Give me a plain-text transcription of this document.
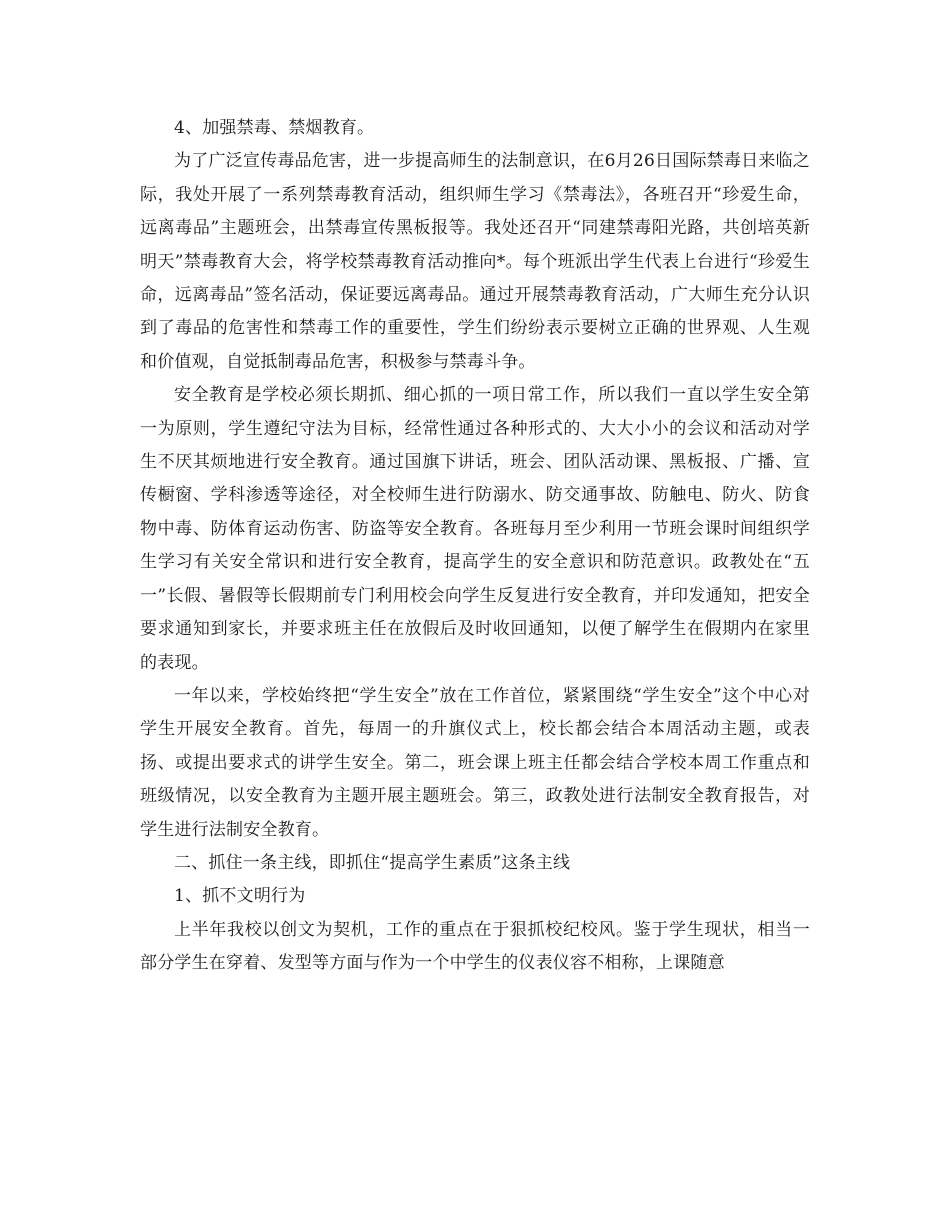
4、加强禁毒、禁烟教育。

为了广泛宣传毒品危害，进一步提高师生的法制意识，在6月26日国际禁毒日来临之际，我处开展了一系列禁毒教育活动，组织师生学习《禁毒法》，各班召开“珍爱生命，远离毒品”主题班会，出禁毒宣传黑板报等。我处还召开“同建禁毒阳光路，共创培英新明天”禁毒教育大会，将学校禁毒教育活动推向*。每个班派出学生代表上台进行“珍爱生命，远离毒品”签名活动，保证要远离毒品。通过开展禁毒教育活动，广大师生充分认识到了毒品的危害性和禁毒工作的重要性，学生们纷纷表示要树立正确的世界观、人生观和价值观，自觉抵制毒品危害，积极参与禁毒斗争。

安全教育是学校必须长期抓、细心抓的一项日常工作，所以我们一直以学生安全第一为原则，学生遵纪守法为目标，经常性通过各种形式的、大大小小的会议和活动对学生不厌其烦地进行安全教育。通过国旗下讲话，班会、团队活动课、黑板报、广播、宣传橱窗、学科渗透等途径，对全校师生进行防溺水、防交通事故、防触电、防火、防食物中毒、防体育运动伤害、防盗等安全教育。各班每月至少利用一节班会课时间组织学生学习有关安全常识和进行安全教育，提高学生的安全意识和防范意识。政教处在“五一”长假、暑假等长假期前专门利用校会向学生反复进行安全教育，并印发通知，把安全要求通知到家长，并要求班主任在放假后及时收回通知，以便了解学生在假期内在家里的表现。

一年以来，学校始终把“学生安全”放在工作首位，紧紧围绕“学生安全”这个中心对学生开展安全教育。首先，每周一的升旗仪式上，校长都会结合本周活动主题，或表扬、或提出要求式的讲学生安全。第二，班会课上班主任都会结合学校本周工作重点和班级情况，以安全教育为主题开展主题班会。第三，政教处进行法制安全教育报告，对学生进行法制安全教育。

二、抓住一条主线，即抓住“提高学生素质”这条主线

1、抓不文明行为

上半年我校以创文为契机，工作的重点在于狠抓校纪校风。鉴于学生现状，相当一部分学生在穿着、发型等方面与作为一个中学生的仪表仪容不相称，上课随意
